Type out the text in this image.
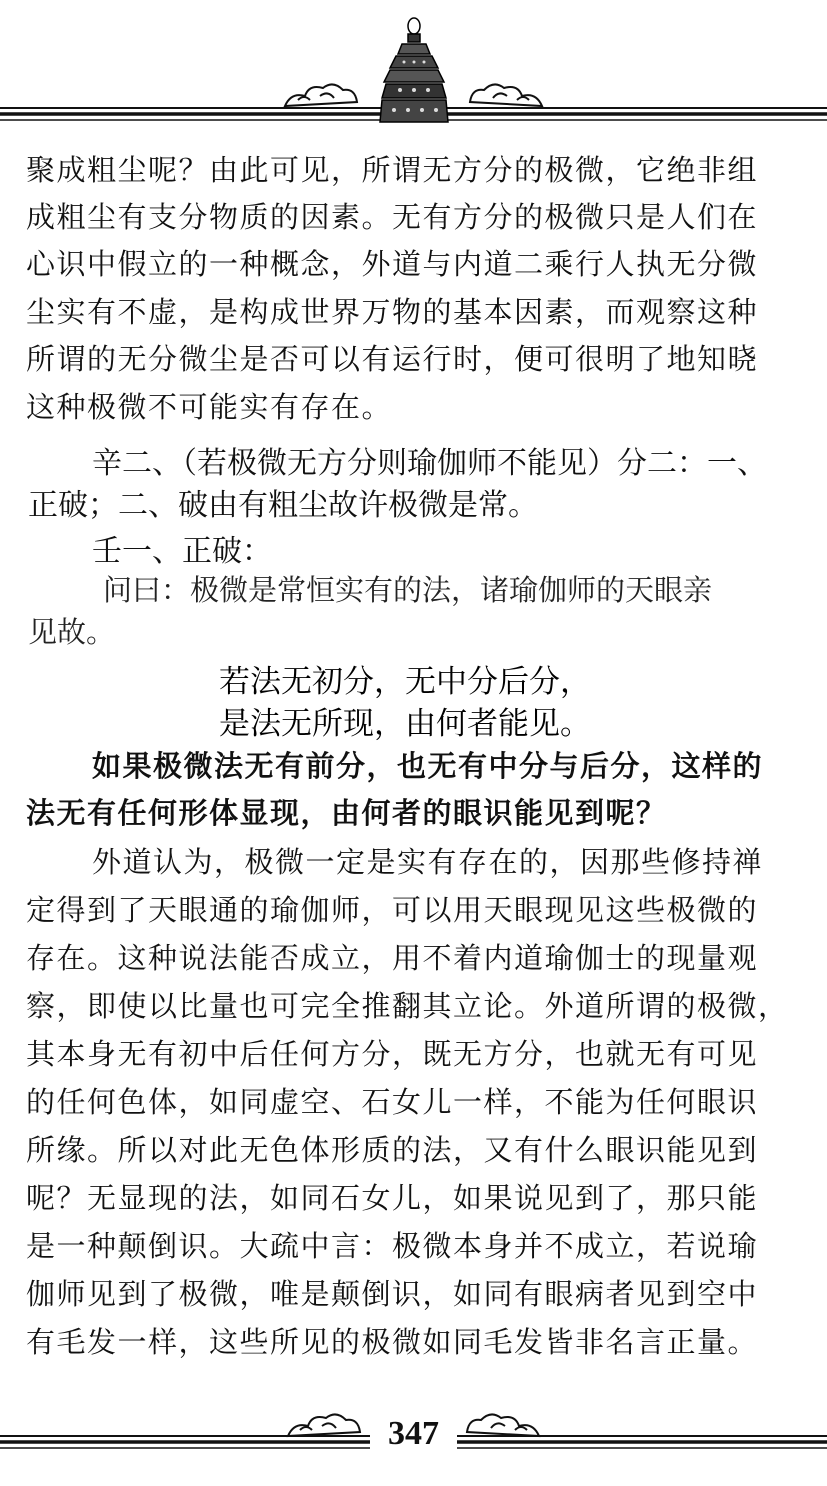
聚成粗尘呢？由此可见，所谓无方分的极微，它绝非组
成粗尘有支分物质的因素。无有方分的极微只是人们在
心识中假立的一种概念，外道与内道二乘行人执无分微
尘实有不虚，是构成世界万物的基本因素，而观察这种
所谓的无分微尘是否可以有运行时，便可很明了地知晓
这种极微不可能实有存在。
辛二、（若极微无方分则瑜伽师不能见）分二：一、
正破；二、破由有粗尘故许极微是常。
壬一、正破：
问曰：极微是常恒实有的法，诸瑜伽师的天眼亲
见故。
若法无初分，无中分后分，
是法无所现，由何者能见。
如果极微法无有前分，也无有中分与后分，这样的
法无有任何形体显现，由何者的眼识能见到呢？
外道认为，极微一定是实有存在的，因那些修持禅
定得到了天眼通的瑜伽师，可以用天眼现见这些极微的
存在。这种说法能否成立，用不着内道瑜伽士的现量观
察，即使以比量也可完全推翻其立论。外道所谓的极微，
其本身无有初中后任何方分，既无方分，也就无有可见
的任何色体，如同虚空、石女儿一样，不能为任何眼识
所缘。所以对此无色体形质的法，又有什么眼识能见到
呢？无显现的法，如同石女儿，如果说见到了，那只能
是一种颠倒识。大疏中言：极微本身并不成立，若说瑜
伽师见到了极微，唯是颠倒识，如同有眼病者见到空中
有毛发一样，这些所见的极微如同毛发皆非名言正量。
347
